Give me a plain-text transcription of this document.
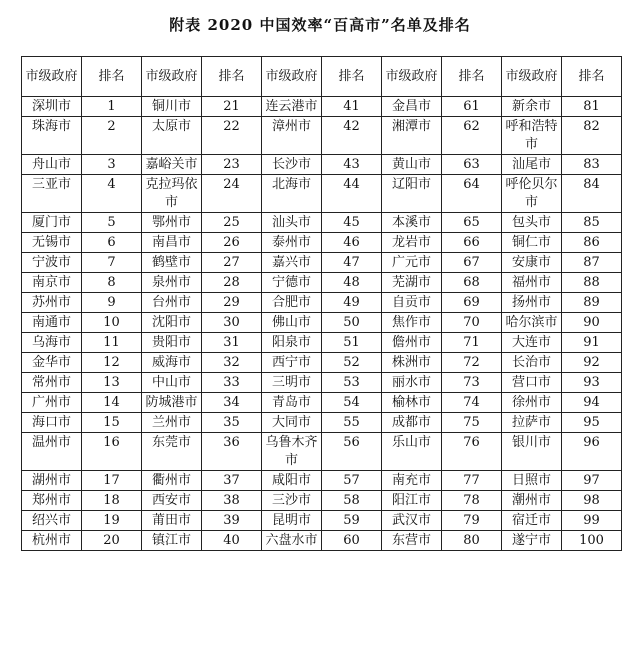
附表 2020 中国效率“百高市”名单及排名
市级政府	排名	市级政府	排名	市级政府	排名	市级政府	排名	市级政府	排名
深圳市	1	铜川市	21	连云港市	41	金昌市	61	新余市	81
珠海市	2	太原市	22	漳州市	42	湘潭市	62	呼和浩特市	82
舟山市	3	嘉峪关市	23	长沙市	43	黄山市	63	汕尾市	83
三亚市	4	克拉玛依市	24	北海市	44	辽阳市	64	呼伦贝尔市	84
厦门市	5	鄂州市	25	汕头市	45	本溪市	65	包头市	85
无锡市	6	南昌市	26	泰州市	46	龙岩市	66	铜仁市	86
宁波市	7	鹤壁市	27	嘉兴市	47	广元市	67	安康市	87
南京市	8	泉州市	28	宁德市	48	芜湖市	68	福州市	88
苏州市	9	台州市	29	合肥市	49	自贡市	69	扬州市	89
南通市	10	沈阳市	30	佛山市	50	焦作市	70	哈尔滨市	90
乌海市	11	贵阳市	31	阳泉市	51	儋州市	71	大连市	91
金华市	12	威海市	32	西宁市	52	株洲市	72	长治市	92
常州市	13	中山市	33	三明市	53	丽水市	73	营口市	93
广州市	14	防城港市	34	青岛市	54	榆林市	74	徐州市	94
海口市	15	兰州市	35	大同市	55	成都市	75	拉萨市	95
温州市	16	东莞市	36	乌鲁木齐市	56	乐山市	76	银川市	96
湖州市	17	衢州市	37	咸阳市	57	南充市	77	日照市	97
郑州市	18	西安市	38	三沙市	58	阳江市	78	潮州市	98
绍兴市	19	莆田市	39	昆明市	59	武汉市	79	宿迁市	99
杭州市	20	镇江市	40	六盘水市	60	东营市	80	遂宁市	100
